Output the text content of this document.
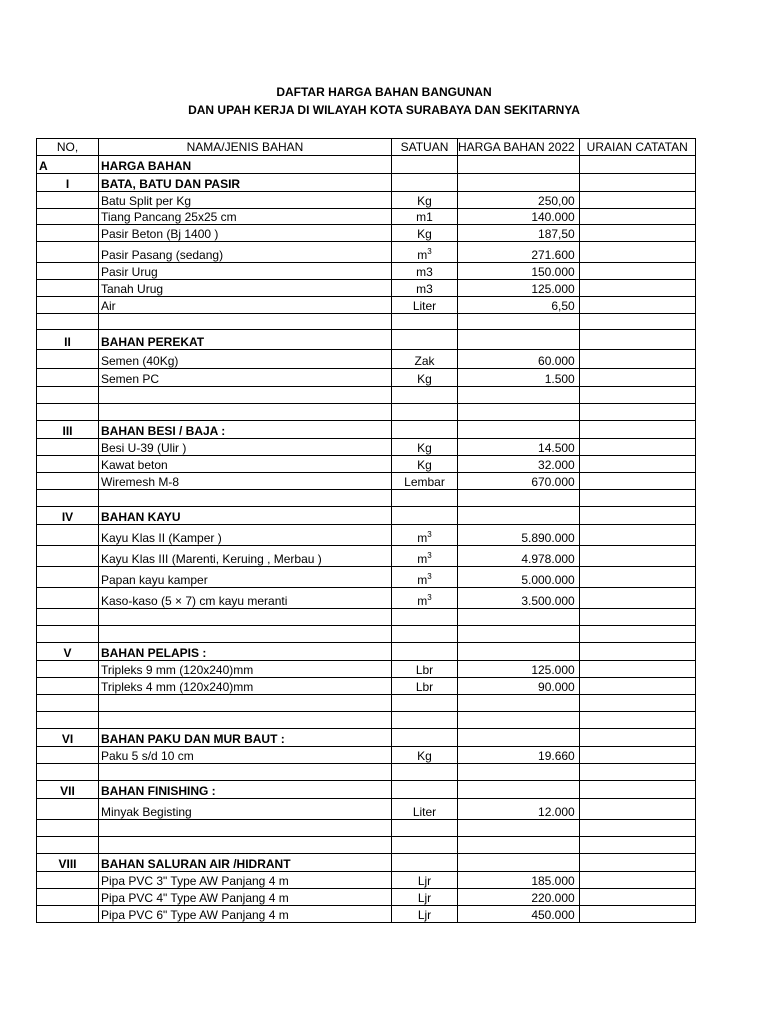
DAFTAR HARGA BAHAN BANGUNAN
DAN UPAH KERJA DI WILAYAH KOTA SURABAYA DAN SEKITARNYA
NO,	NAMA/JENIS BAHAN	SATUAN	HARGA BAHAN 2022	URAIAN CATATAN
A	HARGA BAHAN			
I	BATA, BATU DAN PASIR			
	Batu Split per Kg	Kg	250,00	
	Tiang Pancang 25x25 cm	m1	140.000	
	Pasir Beton (Bj 1400 )	Kg	187,50	
	Pasir Pasang (sedang)	$m^3$	271.600	
	Pasir Urug	m3	150.000	
	Tanah Urug	m3	125.000	
	Air	Liter	6,50	

II	BAHAN PEREKAT			
	Semen (40Kg)	Zak	60.000	
	Semen PC	Kg	1.500	

III	BAHAN BESI / BAJA :			
	Besi U-39 (Ulir )	Kg	14.500	
	Kawat beton	Kg	32.000	
	Wiremesh M-8	Lembar	670.000	

IV	BAHAN KAYU			
	Kayu Klas II (Kamper )	$m^3$	5.890.000	
	Kayu Klas III (Marenti, Keruing , Merbau )	$m^3$	4.978.000	
	Papan kayu kamper	$m^3$	5.000.000	
	Kaso-kaso (5 × 7) cm kayu meranti	$m^3$	3.500.000	

V	BAHAN PELAPIS :			
	Tripleks 9 mm (120x240)mm	Lbr	125.000	
	Tripleks 4 mm (120x240)mm	Lbr	90.000	

VI	BAHAN PAKU DAN MUR BAUT :			
	Paku 5 s/d 10 cm	Kg	19.660	

VII	BAHAN FINISHING :			
	Minyak Begisting	Liter	12.000	

VIII	BAHAN SALURAN AIR /HIDRANT			
	Pipa PVC 3" Type AW Panjang 4 m	Ljr	185.000	
	Pipa PVC 4" Type AW Panjang 4 m	Ljr	220.000	
	Pipa PVC 6" Type AW Panjang 4 m	Ljr	450.000	
